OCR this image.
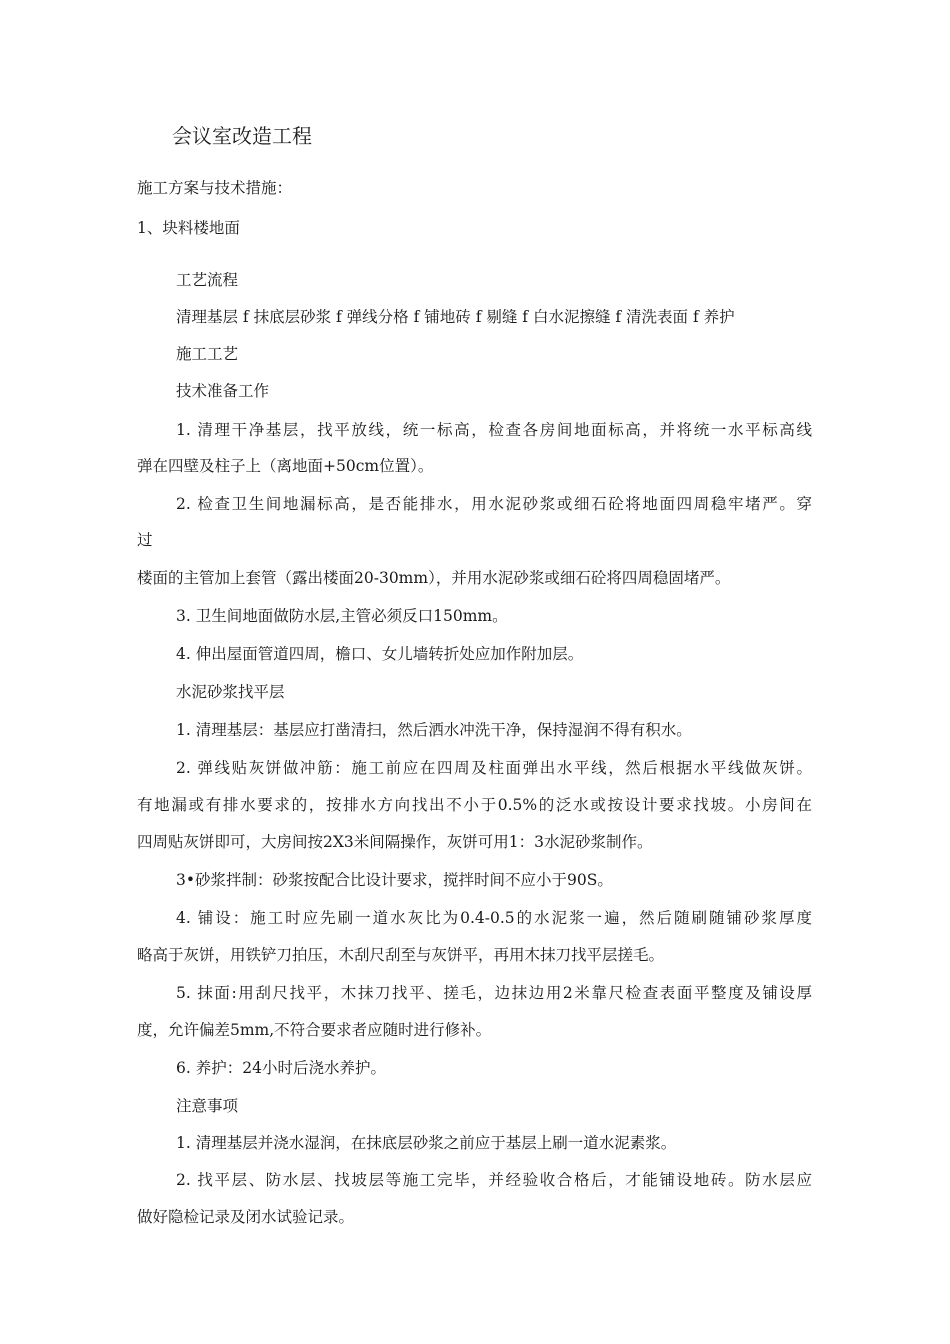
会议室改造工程
施工方案与技术措施：
1、块料楼地面
工艺流程
清理基层 f 抹底层砂浆 f 弹线分格 f 铺地砖 f 剔缝 f 白水泥擦缝 f 清洗表面 f 养护
施工工艺
技术准备工作
1. 清理干净基层，找平放线，统一标高，检查各房间地面标高，并将统一水平标高线
弹在四壁及柱子上（离地面+50cm位置）。
2. 检查卫生间地漏标高，是否能排水，用水泥砂浆或细石砼将地面四周稳牢堵严。穿
过
楼面的主管加上套管（露出楼面20-30mm），并用水泥砂浆或细石砼将四周稳固堵严。
3. 卫生间地面做防水层,主管必须反口150mm。
4. 伸出屋面管道四周，檐口、女儿墙转折处应加作附加层。
水泥砂浆找平层
1. 清理基层：基层应打凿清扫，然后洒水冲洗干净，保持湿润不得有积水。
2. 弹线贴灰饼做冲筋：施工前应在四周及柱面弹出水平线，然后根据水平线做灰饼。
有地漏或有排水要求的，按排水方向找出不小于0.5%的泛水或按设计要求找坡。小房间在
四周贴灰饼即可，大房间按2X3米间隔操作，灰饼可用1：3水泥砂浆制作。
3•砂浆拌制：砂浆按配合比设计要求，搅拌时间不应小于90S。
4. 铺设：施工时应先刷一道水灰比为0.4-0.5的水泥浆一遍，然后随刷随铺砂浆厚度
略高于灰饼，用铁铲刀拍压，木刮尺刮至与灰饼平，再用木抹刀找平层搓毛。
5. 抹面:用刮尺找平，木抹刀找平、搓毛，边抹边用2米靠尺检查表面平整度及铺设厚
度，允许偏差5mm,不符合要求者应随时进行修补。
6. 养护：24小时后浇水养护。
注意事项
1. 清理基层并浇水湿润，在抹底层砂浆之前应于基层上刷一道水泥素浆。
2. 找平层、防水层、找坡层等施工完毕，并经验收合格后，才能铺设地砖。防水层应
做好隐检记录及闭水试验记录。
